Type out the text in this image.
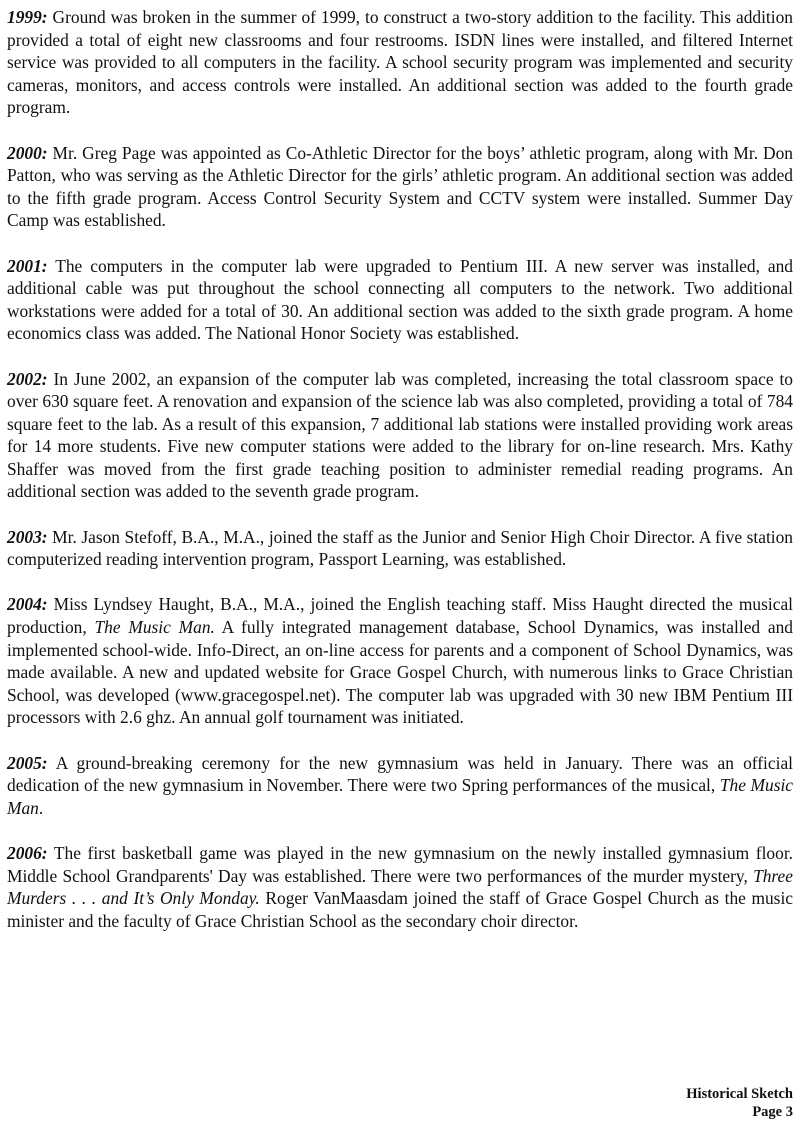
1999: Ground was broken in the summer of 1999, to construct a two-story addition to the facility. This addition provided a total of eight new classrooms and four restrooms. ISDN lines were installed, and filtered Internet service was provided to all computers in the facility. A school security program was implemented and security cameras, monitors, and access controls were installed. An additional section was added to the fourth grade program.

2000: Mr. Greg Page was appointed as Co-Athletic Director for the boys’ athletic program, along with Mr. Don Patton, who was serving as the Athletic Director for the girls’ athletic program. An additional section was added to the fifth grade program. Access Control Security System and CCTV system were installed. Summer Day Camp was established.

2001: The computers in the computer lab were upgraded to Pentium III. A new server was installed, and additional cable was put throughout the school connecting all computers to the network. Two additional workstations were added for a total of 30. An additional section was added to the sixth grade program. A home economics class was added. The National Honor Society was established.

2002: In June 2002, an expansion of the computer lab was completed, increasing the total classroom space to over 630 square feet. A renovation and expansion of the science lab was also completed, providing a total of 784 square feet to the lab. As a result of this expansion, 7 additional lab stations were installed providing work areas for 14 more students. Five new computer stations were added to the library for on-line research. Mrs. Kathy Shaffer was moved from the first grade teaching position to administer remedial reading programs. An additional section was added to the seventh grade program.

2003: Mr. Jason Stefoff, B.A., M.A., joined the staff as the Junior and Senior High Choir Director. A five station computerized reading intervention program, Passport Learning, was established.

2004: Miss Lyndsey Haught, B.A., M.A., joined the English teaching staff. Miss Haught directed the musical production, The Music Man. A fully integrated management database, School Dynamics, was installed and implemented school-wide. Info-Direct, an on-line access for parents and a component of School Dynamics, was made available. A new and updated website for Grace Gospel Church, with numerous links to Grace Christian School, was developed (www.gracegospel.net). The computer lab was upgraded with 30 new IBM Pentium III processors with 2.6 ghz. An annual golf tournament was initiated.

2005: A ground-breaking ceremony for the new gymnasium was held in January. There was an official dedication of the new gymnasium in November. There were two Spring performances of the musical, The Music Man.

2006: The first basketball game was played in the new gymnasium on the newly installed gymnasium floor. Middle School Grandparents' Day was established. There were two performances of the murder mystery, Three Murders . . . and It’s Only Monday. Roger VanMaasdam joined the staff of Grace Gospel Church as the music minister and the faculty of Grace Christian School as the secondary choir director.

Historical Sketch
Page 3
